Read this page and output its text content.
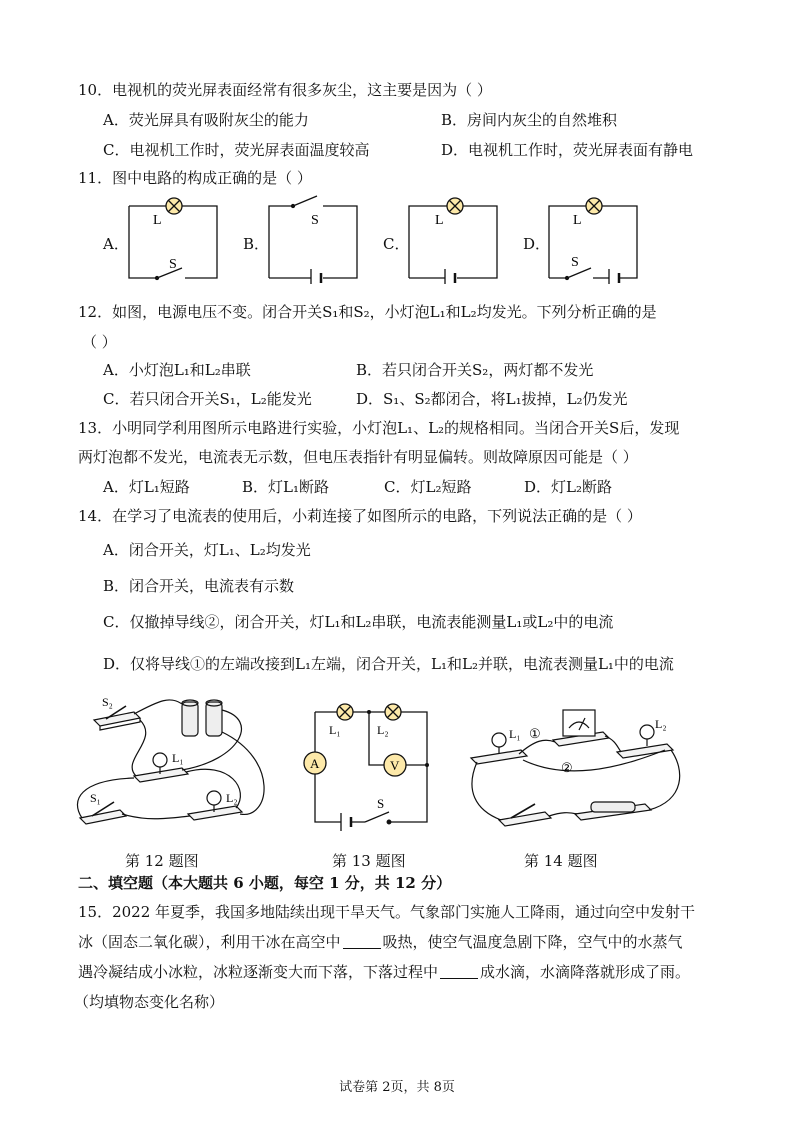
10．电视机的荧光屏表面经常有很多灰尘，这主要是因为（ ）
A．荧光屏具有吸附灰尘的能力	B．房间内灰尘的自然堆积
C．电视机工作时，荧光屏表面温度较高	D．电视机工作时，荧光屏表面有静电
11．图中电路的构成正确的是（ ）
A．	B．	C．	D．
L
S
S	L	L
S
12．如图，电源电压不变。闭合开关S₁和S₂，小灯泡L₁和L₂均发光。下列分析正确的是
（ ）
A．小灯泡L₁和L₂串联	B．若只闭合开关S₂，两灯都不发光
C．若只闭合开关S₁，L₂能发光	D．S₁、S₂都闭合，将L₁拔掉，L₂仍发光
13．小明同学利用图所示电路进行实验，小灯泡L₁、L₂的规格相同。当闭合开关S后，发现
两灯泡都不发光，电流表无示数，但电压表指针有明显偏转。则故障原因可能是（ ）
A．灯L₁短路	B．灯L₁断路	C．灯L₂短路	D．灯L₂断路
14．在学习了电流表的使用后，小莉连接了如图所示的电路，下列说法正确的是（ ）
A．闭合开关，灯L₁、L₂均发光
B．闭合开关，电流表有示数
C．仅撤掉导线②，闭合开关，灯L₁和L₂串联，电流表能测量L₁或L₂中的电流
D．仅将导线①的左端改接到L₁左端，闭合开关，L₁和L₂并联，电流表测量L₁中的电流
S₂
L₁
L₂
S₁
L₁	L₂
A	V
S
L₁
L₂
①
②
第 12 题图	第 13 题图	第 14 题图
二、填空题（本大题共 6 小题，每空 1 分，共 12 分）
15．2022 年夏季，我国多地陆续出现干旱天气。气象部门实施人工降雨，通过向空中发射干
冰（固态二氧化碳），利用干冰在高空中	吸热，使空气温度急剧下降，空气中的水蒸气
遇冷凝结成小冰粒，冰粒逐渐变大而下落，下落过程中	成水滴，水滴降落就形成了雨。
（均填物态变化名称）
试卷第 2页，共 8页
